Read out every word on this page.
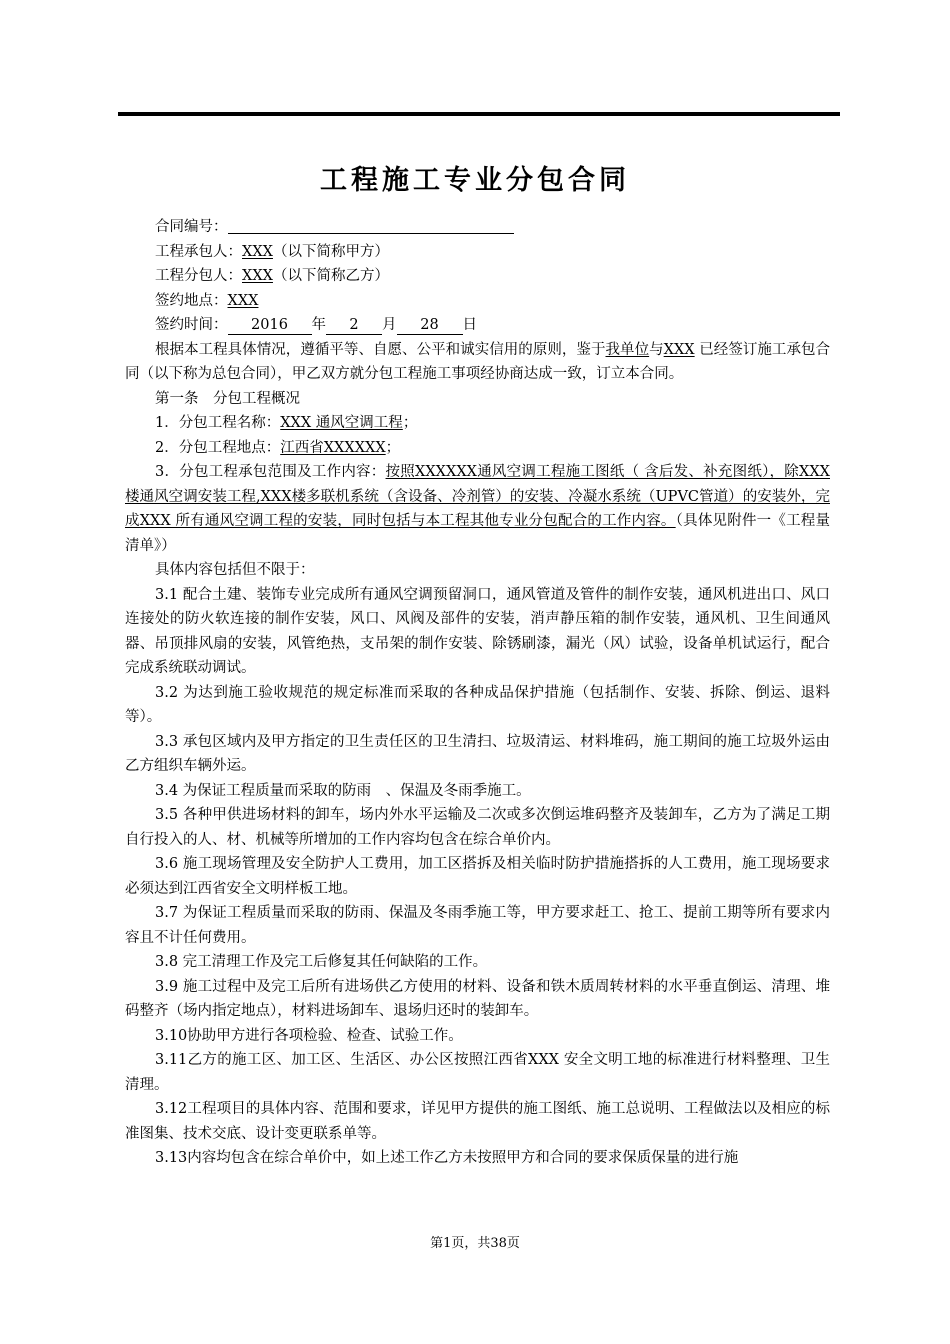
工程施工专业分包合同
合同编号：
工程承包人：XXX（以下简称甲方）
工程分包人：XXX（以下简称乙方）
签约地点：XXX
签约时间： 2016 年 2 月 28 日
根据本工程具体情况，遵循平等、自愿、公平和诚实信用的原则，鉴于我单位与XXX 已经签订施工承包合同（以下称为总包合同），甲乙双方就分包工程施工事项经协商达成一致，订立本合同。
第一条　分包工程概况
1．分包工程名称：XXX 通风空调工程；
2．分包工程地点：江西省XXXXXX；
3．分包工程承包范围及工作内容：按照XXXXXX通风空调工程施工图纸（ 含后发、补充图纸），除XXX 楼通风空调安装工程,XXX楼多联机系统（含设备、冷剂管）的安装、冷凝水系统（UPVC管道）的安装外，完成XXX 所有通风空调工程的安装，同时包括与本工程其他专业分包配合的工作内容。（具体见附件一《工程量清单》）
具体内容包括但不限于：
3.1 配合土建、装饰专业完成所有通风空调预留洞口，通风管道及管件的制作安装，通风机进出口、风口连接处的防火软连接的制作安装，风口、风阀及部件的安装，消声静压箱的制作安装，通风机、卫生间通风器、吊顶排风扇的安装，风管绝热，支吊架的制作安装、除锈刷漆，漏光（风）试验，设备单机试运行，配合完成系统联动调试。
3.2 为达到施工验收规范的规定标准而采取的各种成品保护措施（包括制作、安装、拆除、倒运、退料等）。
3.3 承包区域内及甲方指定的卫生责任区的卫生清扫、垃圾清运、材料堆码，施工期间的施工垃圾外运由乙方组织车辆外运。
3.4 为保证工程质量而采取的防雨　、保温及冬雨季施工。
3.5 各种甲供进场材料的卸车，场内外水平运输及二次或多次倒运堆码整齐及装卸车，乙方为了满足工期自行投入的人、材、机械等所增加的工作内容均包含在综合单价内。
3.6 施工现场管理及安全防护人工费用，加工区搭拆及相关临时防护措施搭拆的人工费用，施工现场要求必须达到江西省安全文明样板工地。
3.7 为保证工程质量而采取的防雨、保温及冬雨季施工等，甲方要求赶工、抢工、提前工期等所有要求内容且不计任何费用。
3.8 完工清理工作及完工后修复其任何缺陷的工作。
3.9 施工过程中及完工后所有进场供乙方使用的材料、设备和铁木质周转材料的水平垂直倒运、清理、堆码整齐（场内指定地点），材料进场卸车、退场归还时的装卸车。
3.10协助甲方进行各项检验、检查、试验工作。
3.11乙方的施工区、加工区、生活区、办公区按照江西省XXX 安全文明工地的标准进行材料整理、卫生清理。
3.12工程项目的具体内容、范围和要求，详见甲方提供的施工图纸、施工总说明、工程做法以及相应的标准图集、技术交底、设计变更联系单等。
3.13内容均包含在综合单价中，如上述工作乙方未按照甲方和合同的要求保质保量的进行施
第1页，共38页
